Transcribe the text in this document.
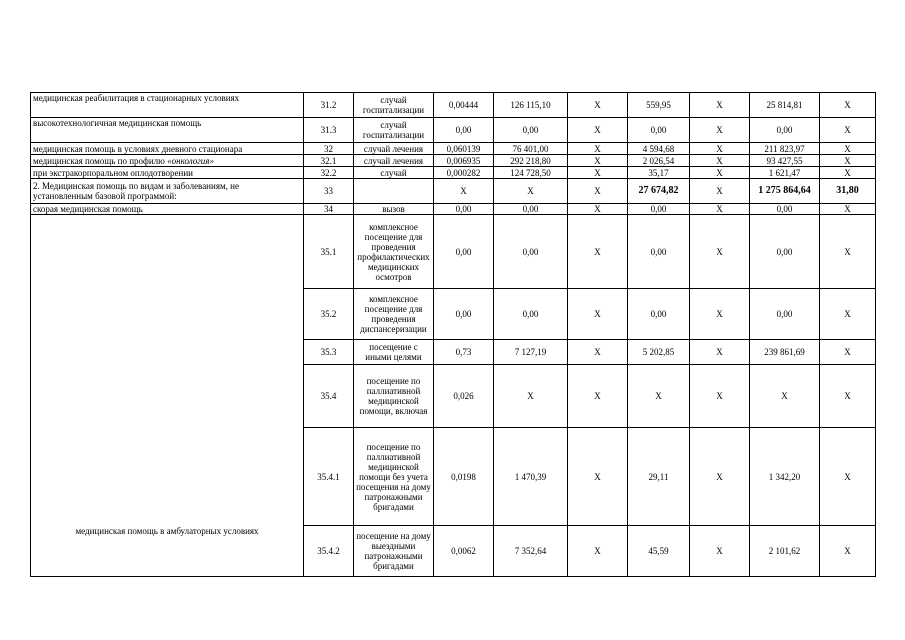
медицинская реабилитация в стационарных условиях	31.2	случай госпитализации	0,00444	126 115,10	Х	559,95	Х	25 814,81	Х
высокотехнологичная медицинская помощь	31.3	случай госпитализации	0,00	0,00	Х	0,00	Х	0,00	Х
медицинская помощь в условиях дневного стационара	32	случай лечения	0,060139	76 401,00	Х	4 594,68	Х	211 823,97	Х
медицинская помощь по профилю «онкология»	32.1	случай лечения	0,006935	292 218,80	Х	2 026,54	Х	93 427,55	Х
при экстракорпоральном оплодотворении	32.2	случай	0,000282	124 728,50	Х	35,17	Х	1 621,47	Х
2. Медицинская помощь по видам и заболеваниям, не установленным базовой программой:	33		Х	Х	Х	27 674,82	Х	1 275 864,64	31,80
скорая медицинская помощь	34	вызов	0,00	0,00	Х	0,00	Х	0,00	Х
медицинская помощь в амбулаторных условиях	35.1	комплексное посещение для проведения профилактических медицинских осмотров	0,00	0,00	Х	0,00	Х	0,00	Х
	35.2	комплексное посещение для проведения диспансеризации	0,00	0,00	Х	0,00	Х	0,00	Х
	35.3	посещение с иными целями	0,73	7 127,19	Х	5 202,85	Х	239 861,69	Х
	35.4	посещение по паллиативной медицинской помощи, включая	0,026	Х	Х	Х	Х	Х	Х
	35.4.1	посещение по паллиативной медицинской помощи без учета посещения на дому патронажными бригадами	0,0198	1 470,39	Х	29,11	Х	1 342,20	Х
	35.4.2	посещение на дому выездными патронажными бригадами	0,0062	7 352,64	Х	45,59	Х	2 101,62	Х
